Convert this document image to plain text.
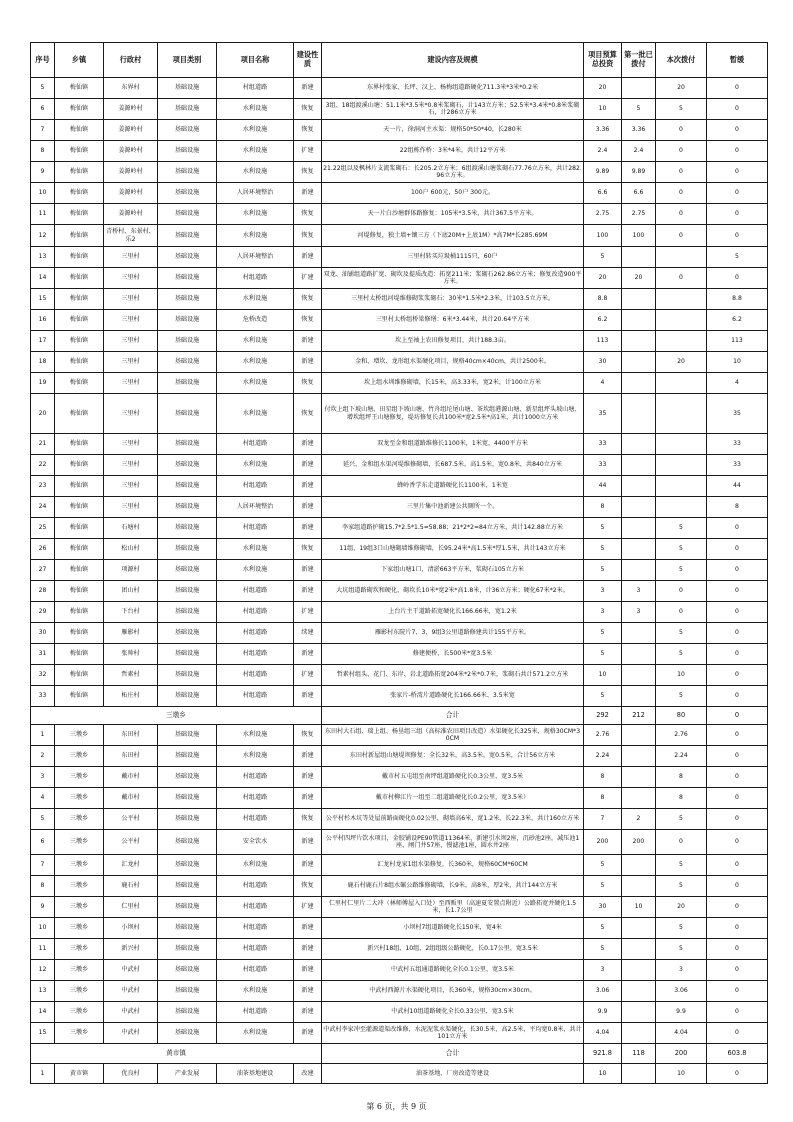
序号	乡镇	行政村	项目类别	项目名称	建设性质	建设内容及规模	项目预算总投资	第一批已拨付	本次拨付	暂缓
5	梅仙镇	东界村	基础设施	村组道路	新建	东界村张家、长坪、汉上、杨梅组道路硬化711.3米*3米*0.2米	20		20	0
6	梅仙镇	姜源岭村	基础设施	水利设施	恢复	3组、18组渡溪山塘：51.1米*3.5米*0.8米浆砌石，计143立方米；52.5米*3.4米*0.8米浆砌石，计286立方米	10	5	5	0
7	梅仙镇	姜源岭村	基础设施	水利设施	恢复	天一片，徐洞河主水渠：规格50*50*40，长280米	3.36	3.36	0	0
8	梅仙镇	姜源岭村	基础设施	水利设施	扩建	22组栋作桥：3米*4米，共计12平方米	2.4	2.4	0	0
9	梅仙镇	姜源岭村	基础设施	水利设施	恢复	21.22组以及枫林片支流浆砌石：长205.2立方米；6组渡溪山塘浆砌石77.76立方米，共计282.96立方米。	9.89	9.89	0	0
10	梅仙镇	姜源岭村	基础设施	人居环境整治	新建	100户 600元，50户 300元。	6.6	6.6	0	0
11	梅仙镇	姜源岭村	基础设施	水利设施	恢复	天一片白沙塘群体路修复：105米*3.5米，共计367.5平方米。	2.75	2.75	0	0
12	梅仙镇	青桥村、东景村、乐2	基础设施	水利设施	恢复	河堤修复，独土墙+镶三方（下底20M+上底1M）*高7M*长285.69M	100	100	0	0
13	梅仙镇	三里村	基础设施	人居环境整治	新建	三里村转买垃圾桶1115只，60户	5			5
14	梅仙镇	三里村	基础设施	村组道路	扩建	双龙、油铺组道路扩宽、砌坎及提质改造：拓宽211米；浆砌石262.86立方米；修复改造900平方米。	20	20	0	0
15	梅仙镇	三里村	基础设施	水利设施	恢复	三里村太桥组河堤维修砌浆浆砌石：30米*1.5米*2.3米，计103.5立方米。	8.8			8.8
16	梅仙镇	三里村	基础设施	危桥改造	恢复	三里村太桥组桥梁修缮：6米*3.44米，共计20.64平方米	6.2			6.2
17	梅仙镇	三里村	基础设施	水利设施	新建	坎上至袖上农田修复项目，共计188.3亩。	113			113
18	梅仙镇	三里村	基础设施	水利设施	新建	金和、增坎、龙形组水渠硬化项目，规格40cm×40cm，共计2500米。	30		20	10
19	梅仙镇	三里村	基础设施	水利设施	恢复	坎上组水圳维修砌墙，长15米，高3.33米，宽2米，计100立方米	4			4
20	梅仙镇	三里村	基础设施	水利设施	恢复	付坎上组下坡山塘、田星组下坡山塘、竹舟组坨尾山塘、茶坎组港源山塘、新星组坪头坡山塘、增坎组坪王山塘修复，堤坊修复长共100米*宽2.5米*高1米，共计1000立方米	35			35
21	梅仙镇	三里村	基础设施	村组道路	新建	双龙至金和组道路维修长1100米，1米宽，4400平方米	33			33
22	梅仙镇	三里村	基础设施	水利设施	新建	延兴、金和组水渠河堤维修砌墙，长687.5米，高1.5米，宽0.8米，共840立方米	33			33
23	梅仙镇	三里村	基础设施	村组道路	新建	蜂岭香学东走道路硬化长1100米，1米宽	44			44
24	梅仙镇	三里村	基础设施	人居环境整治	新建	三里片集中池新建公共厕所一个。	8			8
25	梅仙镇	石塘村	基础设施	村组道路	新建	李家组道路护砌15.7*2.5*1.5=58.88；21*2*2=84立方米，共计142.88立方米	5		5	0
26	梅仙镇	松山村	基础设施	水利设施	恢复	11组、19组3口山塘砌墙维修砌墙，长95.24米*高1.5米*厚1.5米，共计143立方米	5		5	0
27	梅仙镇	项源村	基础设施	水利设施	新建	下家组山塘1口，清淤663平方米，浆砌石105立方米	5		5	0
28	梅仙镇	团山村	基础设施	村组道路	新建	大坑组道路砌坎和硬化，砌坎长10米*宽2米*高1.8米，计36立方米；硬化67米*2米。	3	3	0	0
29	梅仙镇	下台村	基础设施	村组道路	扩建	上台片主干道路拓宽硬化长166.66米，宽1.2米	3	3	0	0
30	梅仙镇	雁影村	基础设施	村组道路	续建	雁影村东院片7、3、9组3公里道路修建共计155平方米。	5		5	0
31	梅仙镇	张帅村	基础设施	村组道路	新建	修建便桥，长500米*宽3.5米	5		5	0
32	梅仙镇	哲素村	基础设施	村组道路	扩建	哲素村组头、花门、东岸、岩北道路拓宽204米*2米*0.7米，浆砌石共计571.2立方米	10		10	0
33	梅仙镇	柘庄村	基础设施	村组道路	新建	张家片-桥湾片道路硬化长166.66米、3.5米宽	5		5	0
三墩乡						合计	292	212	80	0
1	三墩乡	东田村	基础设施	水利设施	恢复	东田村大石组、瑞上组、杨垦组三组（高标准农田项目改造）水渠硬化长325米，规格30CM*30CM	2.76		2.76	0
2	三墩乡	东田村	基础设施	水利设施	新建	东田村新屋组山塘堤坝修复：全长32米，高3.5米，宽0.5米，合计56立方米	2.24		2.24	0
3	三墩乡	戴市村	基础设施	村组道路	新建	戴市村五屯组至南坪组道路硬化长0.3公里，宽3.5米	8		8	0
4	三墩乡	戴市村	基础设施	村组道路	新建	戴市村柳江片一组至二组道路硬化长0.2公里，宽3.5米）	8		8	0
5	三墩乡	公平村	基础设施	村组道路	恢复	公平村杉木坑等处屋前路面硬化0.02公里，砌墙高6米，宽1.2米，长22.3米，共计160立方米	7	2	5	0
6	三墩乡	公平村	基础设施	安全饮水	新建	公平村四坪片饮水项目，金胶铺设PE90管道11364米，新建引水坝2座，沉砂池2座，减压池1座，闸门井57座，慢滤池1座，圆水井2座	200	200	0	0
7	三墩乡	汇龙村	基础设施	水利设施	新建	汇龙村龙家1组水渠修复，长360米，规格60CM*60CM	5		5	0
8	三墩乡	鹿石村	基础设施	村组道路	恢复	鹿石村鹿石片8组水碾公路维修砌墙，长9米，高8米，厚2米，共计144立方米	5		5	0
9	三墩乡	仁里村	基础设施	村组道路	扩建	仁里村仁里片二大冲（林师傅屋入口处）至西贩里（高速夏安置点附近）公路拓宽并硬化1.5米，长1.7公里	30	10	20	0
10	三墩乡	小坝村	基础设施	村组道路	新建	小坝村7组道路硬化长150米，宽4米	5		5	0
11	三墩乡	新兴村	基础设施	村组道路	新建	新兴村18组、10组、2组组级公路硬化，长0.17公里，宽3.5米	5		5	0
12	三墩乡	中武村	基础设施	村组道路	新建	中武村五组通道路硬化全长0.1公里，宽3.5米	3		3	0
13	三墩乡	中武村	基础设施	水利设施	新建	中武村西源片水渠硬化项目，长360米，规格30cm×30cm。	3.06		3.06	0
14	三墩乡	中武村	基础设施	村组道路	新建	中武村10组道路硬化全长0.33公里，宽3.5米	9.9		9.9	0
15	三墩乡	中武村	基础设施	水利设施	新建	中武村李家冲至灌源道渠改维修，水泥泥浆水渠硬化，长30.5米，高2.5米，平均宽0.8米，共计101立方米	4.04		4.04	0
黄市镇						合计	921.8	118	200	603.8
1	黄市镇	优良村	产业发展	油茶基地建设	改建	油茶基地、厂房改造等建设	10		10	0
第 6 页，共 9 页
